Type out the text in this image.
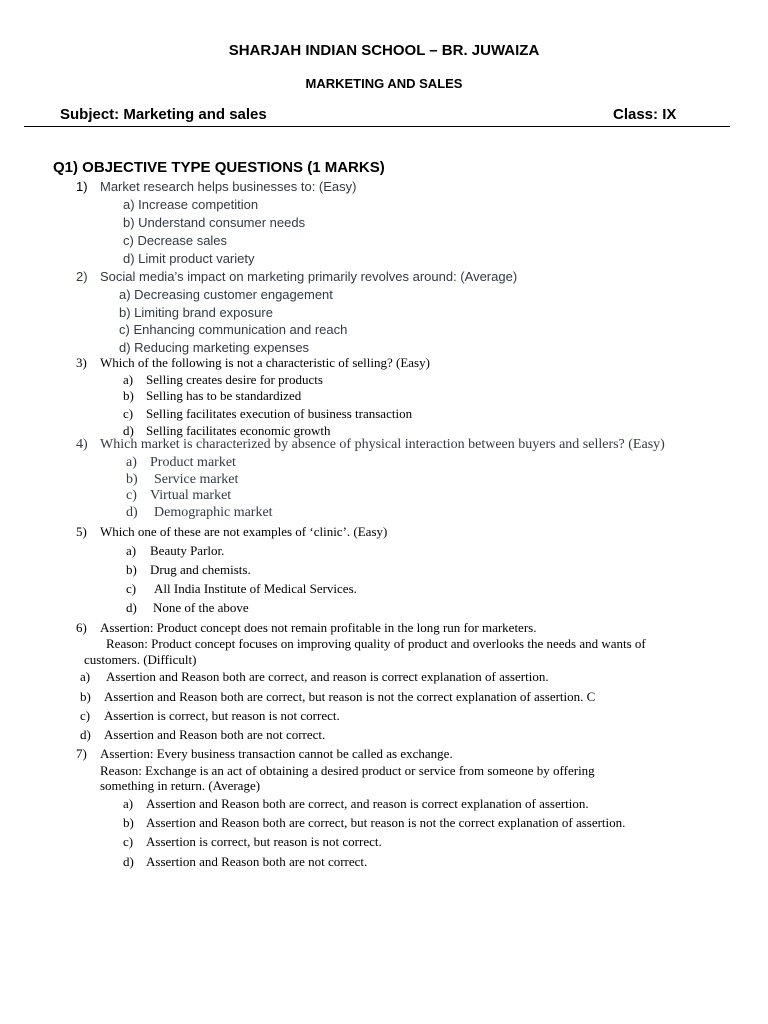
SHARJAH INDIAN SCHOOL – BR. JUWAIZA
MARKETING AND SALES
Subject: Marketing and sales	Class: IX
Q1) OBJECTIVE TYPE QUESTIONS (1 MARKS)
1) Market research helps businesses to: (Easy)
a) Increase competition
b) Understand consumer needs
c) Decrease sales
d) Limit product variety
2) Social media’s impact on marketing primarily revolves around: (Average)
a) Decreasing customer engagement
b) Limiting brand exposure
c) Enhancing communication and reach
d) Reducing marketing expenses
3) Which of the following is not a characteristic of selling? (Easy)
a) Selling creates desire for products
b) Selling has to be standardized
c) Selling facilitates execution of business transaction
d) Selling facilitates economic growth
4) Which market is characterized by absence of physical interaction between buyers and sellers? (Easy)
a) Product market
b) Service market
c) Virtual market
d) Demographic market
5) Which one of these are not examples of ‘clinic’. (Easy)
a) Beauty Parlor.
b) Drug and chemists.
c) All India Institute of Medical Services.
d) None of the above
6) Assertion: Product concept does not remain profitable in the long run for marketers.
Reason: Product concept focuses on improving quality of product and overlooks the needs and wants of
customers. (Difficult)
a) Assertion and Reason both are correct, and reason is correct explanation of assertion.
b) Assertion and Reason both are correct, but reason is not the correct explanation of assertion. C
c) Assertion is correct, but reason is not correct.
d) Assertion and Reason both are not correct.
7) Assertion: Every business transaction cannot be called as exchange.
Reason: Exchange is an act of obtaining a desired product or service from someone by offering
something in return. (Average)
a) Assertion and Reason both are correct, and reason is correct explanation of assertion.
b) Assertion and Reason both are correct, but reason is not the correct explanation of assertion.
c) Assertion is correct, but reason is not correct.
d) Assertion and Reason both are not correct.
